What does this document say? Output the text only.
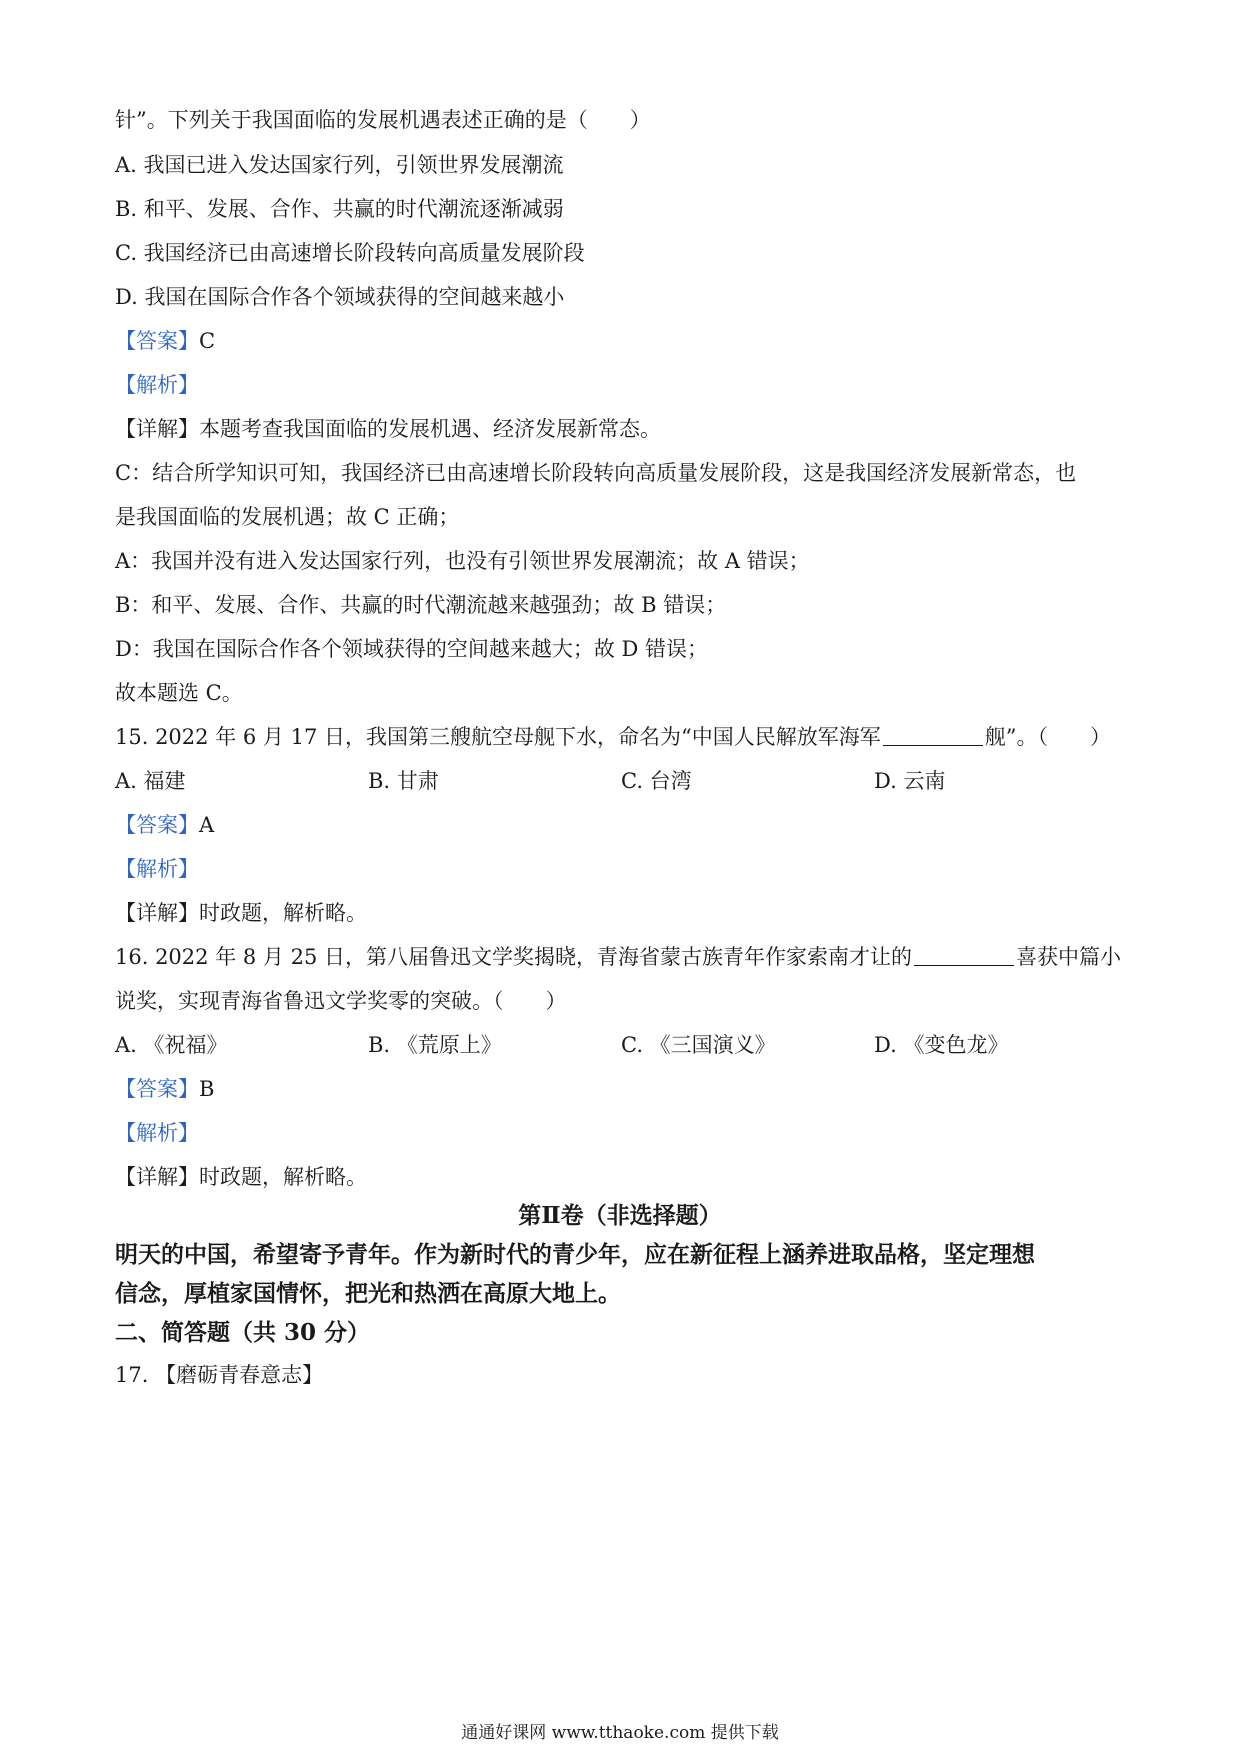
针”。下列关于我国面临的发展机遇表述正确的是（　　）
A. 我国已进入发达国家行列，引领世界发展潮流
B. 和平、发展、合作、共赢的时代潮流逐渐减弱
C. 我国经济已由高速增长阶段转向高质量发展阶段
D. 我国在国际合作各个领域获得的空间越来越小
【答案】C
【解析】
【详解】本题考查我国面临的发展机遇、经济发展新常态。
C：结合所学知识可知，我国经济已由高速增长阶段转向高质量发展阶段，这是我国经济发展新常态，也
是我国面临的发展机遇；故 C 正确；
A：我国并没有进入发达国家行列，也没有引领世界发展潮流；故 A 错误；
B：和平、发展、合作、共赢的时代潮流越来越强劲；故 B 错误；
D：我国在国际合作各个领域获得的空间越来越大；故 D 错误；
故本题选 C。
15. 2022 年 6 月 17 日，我国第三艘航空母舰下水，命名为“中国人民解放军海军	舰”。（　　）
A. 福建	B. 甘肃	C. 台湾	D. 云南
【答案】A
【解析】
【详解】时政题，解析略。
16. 2022 年 8 月 25 日，第八届鲁迅文学奖揭晓，青海省蒙古族青年作家索南才让的	喜获中篇小
说奖，实现青海省鲁迅文学奖零的突破。（　　）
A. 《祝福》	B. 《荒原上》	C. 《三国演义》	D. 《变色龙》
【答案】B
【解析】
【详解】时政题，解析略。
第Ⅱ卷（非选择题）
明天的中国，希望寄予青年。作为新时代的青少年，应在新征程上涵养进取品格，坚定理想
信念，厚植家国情怀，把光和热洒在高原大地上。
二、简答题（共 30 分）
17. 【磨砺青春意志】
通通好课网 www.tthaoke.com 提供下载
